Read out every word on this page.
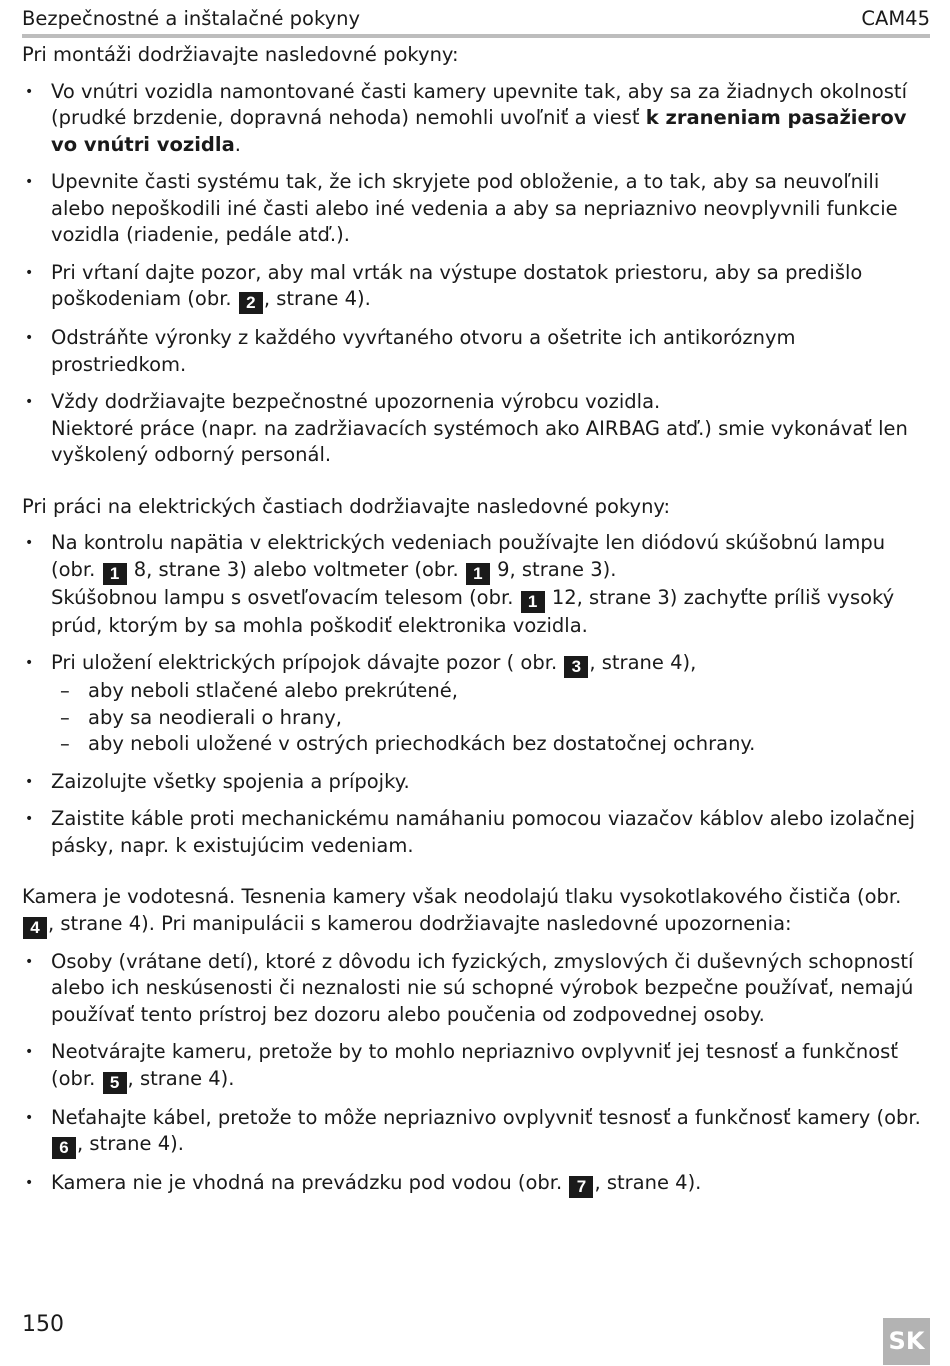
Bezpečnostné a inštalačné pokyny	CAM45

Pri montáži dodržiavajte nasledovné pokyny:

• Vo vnútri vozidla namontované časti kamery upevnite tak, aby sa za žiadnych okolností (prudké brzdenie, dopravná nehoda) nemohli uvoľniť a viesť k zraneniam pasažierov vo vnútri vozidla.
• Upevnite časti systému tak, že ich skryjete pod obloženie, a to tak, aby sa neuvoľnili alebo nepoškodili iné časti alebo iné vedenia a aby sa nepriaznivo neovplyvnili funkcie vozidla (riadenie, pedále atď.).
• Pri vŕtaní dajte pozor, aby mal vrták na výstupe dostatok priestoru, aby sa predišlo poškodeniam (obr. 2 , strane 4).
• Odstráňte výronky z každého vyvŕtaného otvoru a ošetrite ich antikoróznym prostriedkom.
• Vždy dodržiavajte bezpečnostné upozornenia výrobcu vozidla.
Niektoré práce (napr. na zadržiavacích systémoch ako AIRBAG atď.) smie vykonávať len vyškolený odborný personál.

Pri práci na elektrických častiach dodržiavajte nasledovné pokyny:

• Na kontrolu napätia v elektrických vedeniach používajte len diódovú skúšobnú lampu (obr. 1 8, strane 3) alebo voltmeter (obr. 1 9, strane 3).
Skúšobnou lampu s osvetľovacím telesom (obr. 1 12, strane 3) zachyťte príliš vysoký prúd, ktorým by sa mohla poškodiť elektronika vozidla.
• Pri uložení elektrických prípojok dávajte pozor ( obr. 3 , strane 4),
– aby neboli stlačené alebo prekrútené,
– aby sa neodierali o hrany,
– aby neboli uložené v ostrých priechodkách bez dostatočnej ochrany.
• Zaizolujte všetky spojenia a prípojky.
• Zaistite káble proti mechanickému namáhaniu pomocou viazačov káblov alebo izolačnej pásky, napr. k existujúcim vedeniam.

Kamera je vodotesná. Tesnenia kamery však neodolajú tlaku vysokotlakového čističa (obr. 4 , strane 4). Pri manipulácii s kamerou dodržiavajte nasledovné upozornenia:

• Osoby (vrátane detí), ktoré z dôvodu ich fyzických, zmyslových či duševných schopností alebo ich neskúsenosti či neznalosti nie sú schopné výrobok bezpečne používať, nemajú používať tento prístroj bez dozoru alebo poučenia od zodpovednej osoby.
• Neotvárajte kameru, pretože by to mohlo nepriaznivo ovplyvniť jej tesnosť a funkčnosť (obr. 5 , strane 4).
• Neťahajte kábel, pretože to môže nepriaznivo ovplyvniť tesnosť a funkčnosť kamery (obr. 6 , strane 4).
• Kamera nie je vhodná na prevádzku pod vodou (obr. 7 , strane 4).
150
SK
